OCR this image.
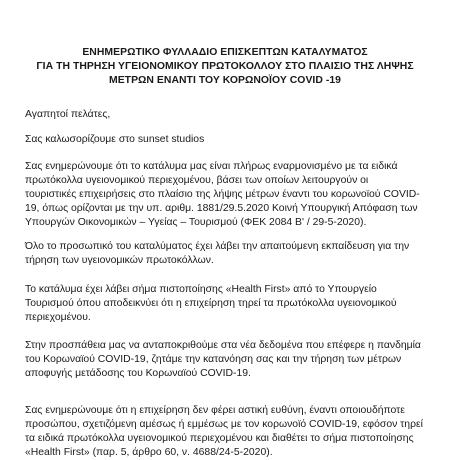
ΕΝΗΜΕΡΩΤΙΚΟ ΦΥΛΛΑΔΙΟ ΕΠΙΣΚΕΠΤΩΝ ΚΑΤΑΛΥΜΑΤΟΣ
ΓΙΑ ΤΗ ΤΗΡΗΣΗ ΥΓΕΙΟΝΟΜΙΚΟΥ ΠΡΩΤΟΚΟΛΛΟΥ ΣΤΟ ΠΛΑΙΣΙΟ ΤΗΣ ΛΗΨΗΣ
ΜΕΤΡΩΝ ΕΝΑΝΤΙ ΤΟΥ ΚΟΡΩΝΟΪΟΥ COVID -19
Αγαπητοί πελάτες,
Σας καλωσορίζουμε στο sunset studios
Σας ενημερώνουμε ότι το κατάλυμα μας είναι πλήρως εναρμονισμένο με τα ειδικά
πρωτόκολλα υγειονομικού περιεχομένου, βάσει των οποίων λειτουργούν οι
τουριστικές επιχειρήσεις στο πλαίσιο της λήψης μέτρων έναντι του κορωνοϊού COVID-
19, όπως ορίζονται με την υπ. αριθμ. 1881/29.5.2020 Κοινή Υπουργική Απόφαση των
Υπουργών Οικονομικών – Υγείας – Τουρισμού (ΦΕΚ 2084 Β' / 29-5-2020).
Όλο το προσωπικό του καταλύματος έχει λάβει την απαιτούμενη εκπαίδευση για την
τήρηση των υγειονομικών πρωτοκόλλων.
Το κατάλυμα έχει λάβει σήμα πιστοποίησης «Health First» από το Υπουργείο
Τουρισμού όπου αποδεικνύει ότι η επιχείρηση τηρεί τα πρωτόκολλα υγειονομικού
περιεχομένου.
Στην προσπάθεια μας να ανταποκριθούμε στα νέα δεδομένα που επέφερε η πανδημία
του Κορωναϊού COVID-19, ζητάμε την κατανόηση σας και την τήρηση των μέτρων
αποφυγής μετάδοσης του Κορωναϊού COVID-19.
Σας ενημερώνουμε ότι η επιχείρηση δεν φέρει αστική ευθύνη, έναντι οποιουδήποτε
προσώπου, σχετιζόμενη αμέσως ή εμμέσως με τον κορωνοϊό COVID-19, εφόσον τηρεί
τα ειδικά πρωτόκολλα υγειονομικού περιεχομένου και διαθέτει το σήμα πιστοποίησης
«Health First» (παρ. 5, άρθρο 60, ν. 4688/24-5-2020).
